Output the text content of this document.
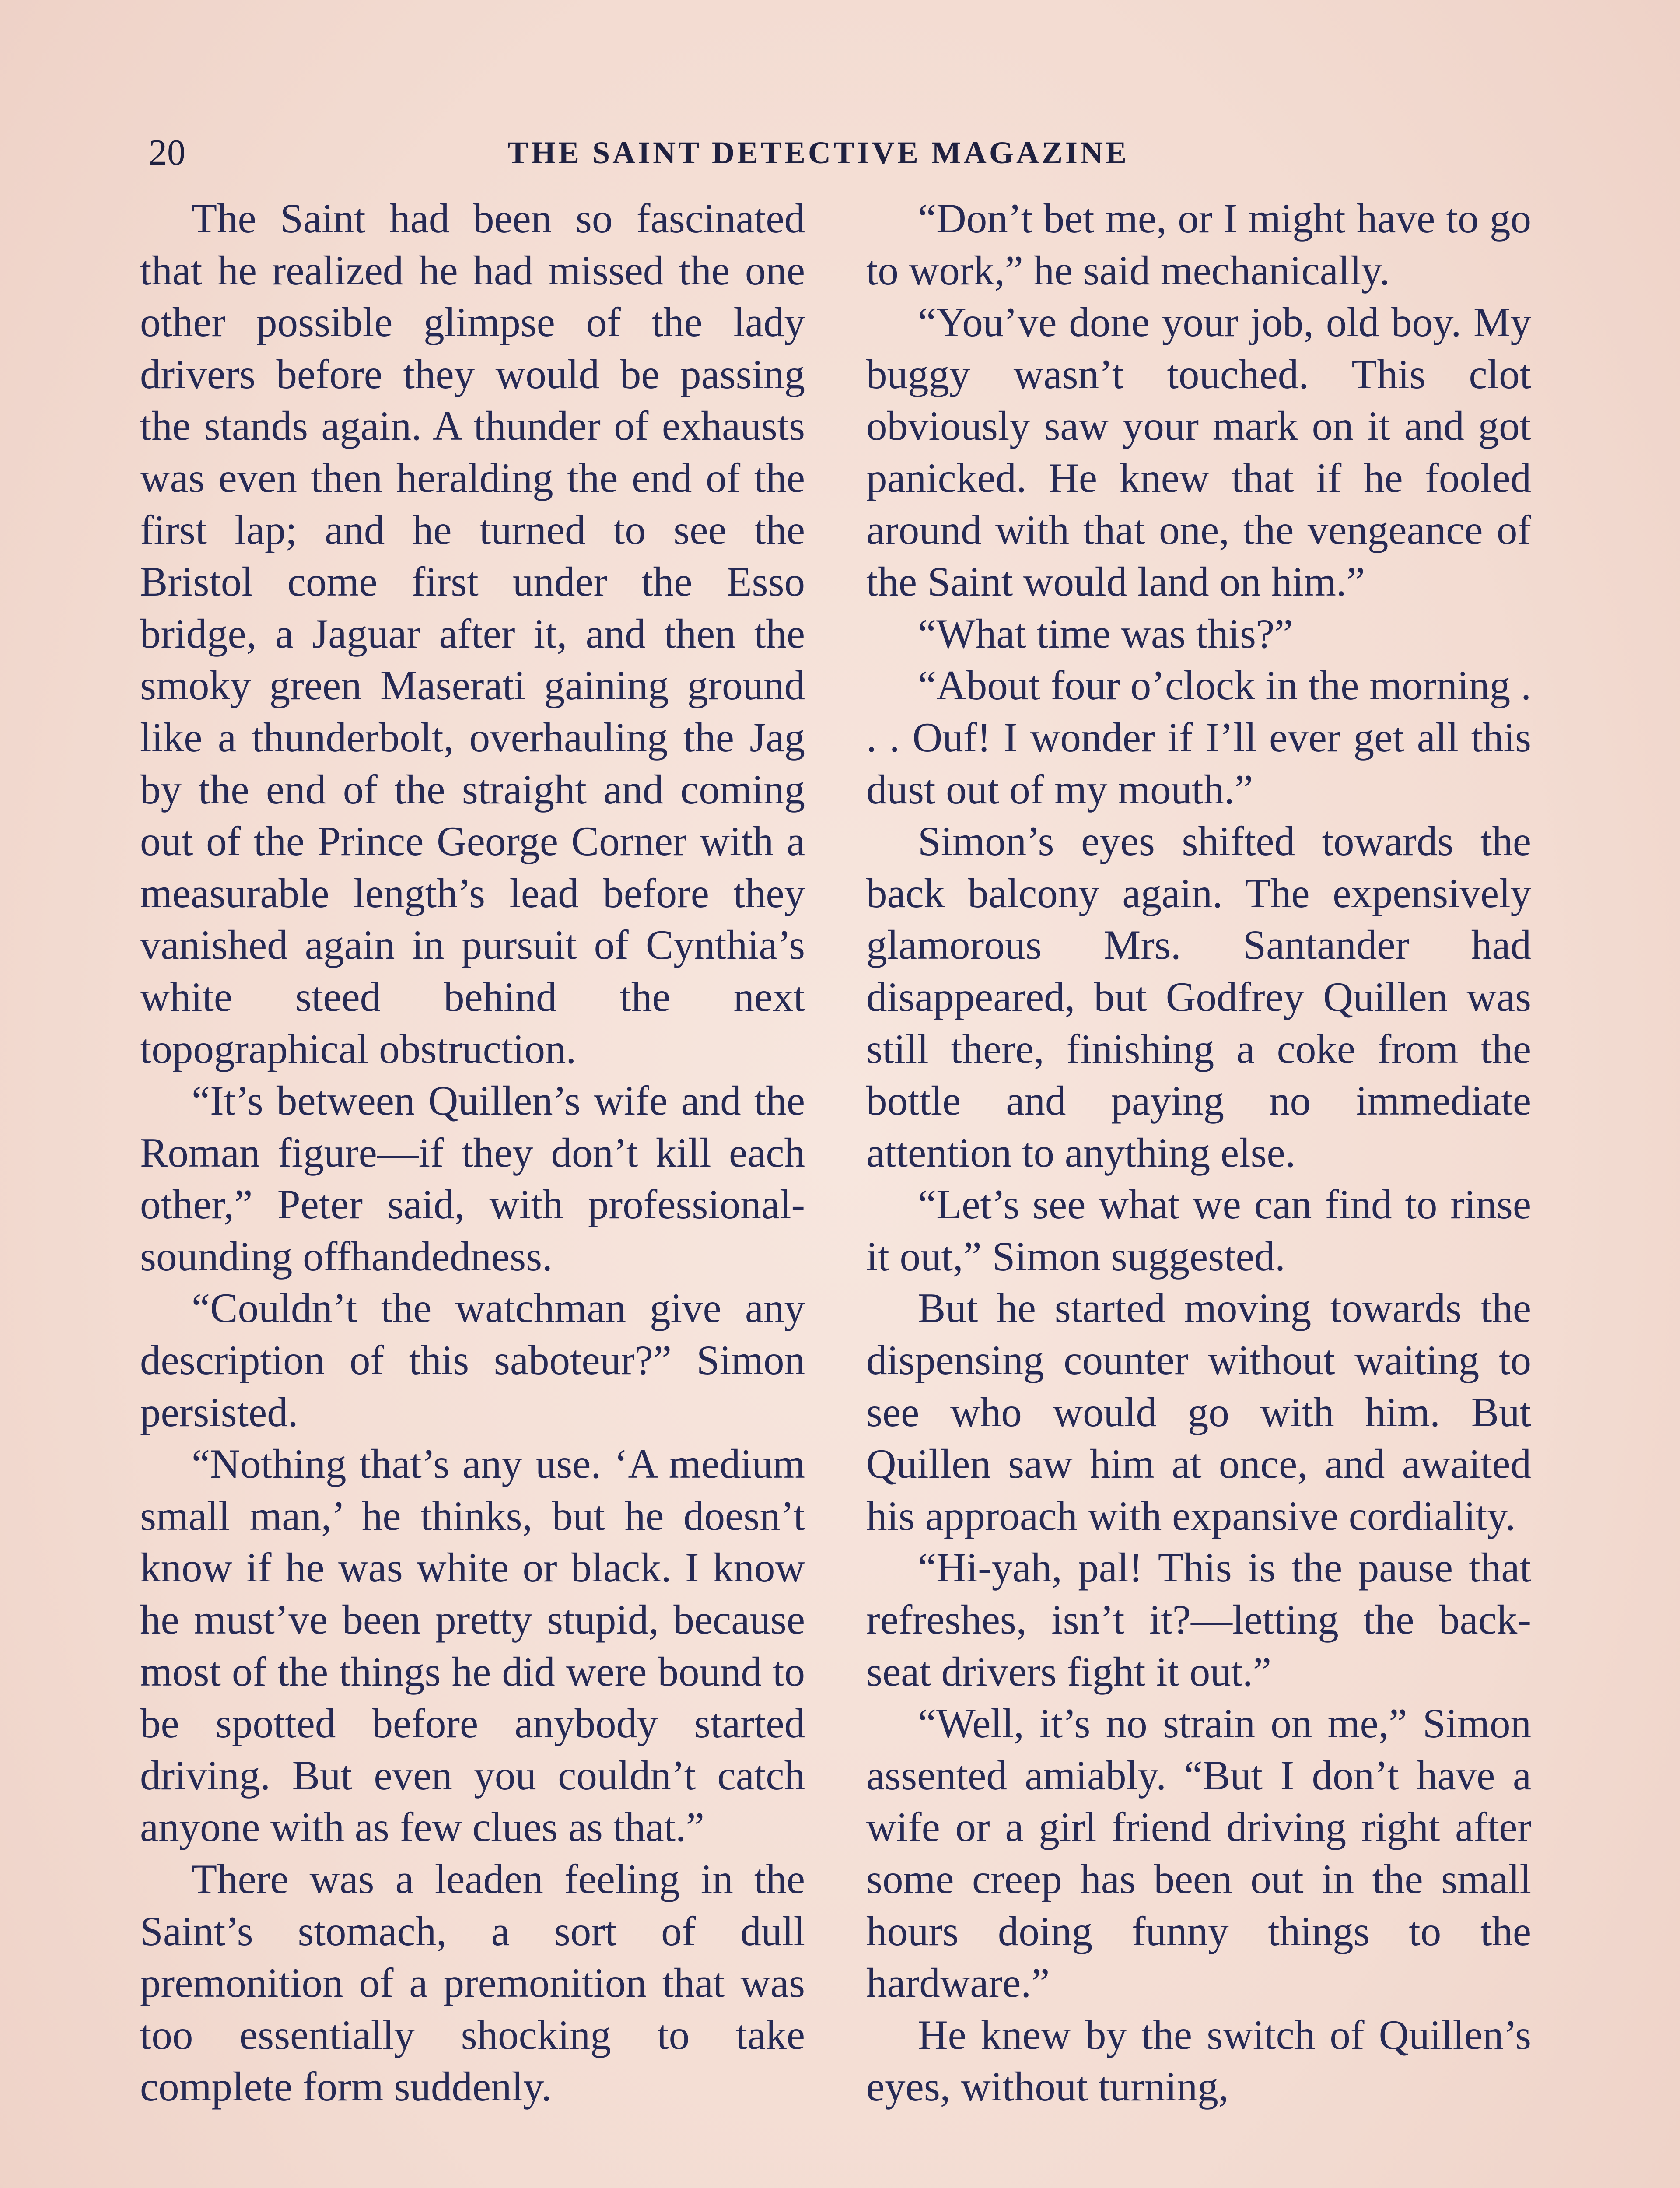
20	THE SAINT DETECTIVE MAGAZINE

The Saint had been so fascinated that he realized he had missed the one other possible glimpse of the lady drivers before they would be passing the stands again. A thunder of exhausts was even then heralding the end of the first lap; and he turned to see the Bristol come first under the Esso bridge, a Jaguar after it, and then the smoky green Maserati gaining ground like a thunderbolt, overhauling the Jag by the end of the straight and coming out of the Prince George Corner with a measurable length’s lead before they vanished again in pursuit of Cynthia’s white steed behind the next topographical obstruction.

“It’s between Quillen’s wife and the Roman figure—if they don’t kill each other,” Peter said, with professional-sounding offhandedness.

“Couldn’t the watchman give any description of this saboteur?” Simon persisted.

“Nothing that’s any use. ‘A medium small man,’ he thinks, but he doesn’t know if he was white or black. I know he must’ve been pretty stupid, because most of the things he did were bound to be spotted before anybody started driving. But even you couldn’t catch anyone with as few clues as that.”

There was a leaden feeling in the Saint’s stomach, a sort of dull premonition of a premonition that was too essentially shocking to take complete form suddenly.

“Don’t bet me, or I might have to go to work,” he said mechanically.

“You’ve done your job, old boy. My buggy wasn’t touched. This clot obviously saw your mark on it and got panicked. He knew that if he fooled around with that one, the vengeance of the Saint would land on him.”

“What time was this?”

“About four o’clock in the morning . . . Ouf! I wonder if I’ll ever get all this dust out of my mouth.”

Simon’s eyes shifted towards the back balcony again. The expensively glamorous Mrs. Santander had disappeared, but Godfrey Quillen was still there, finishing a coke from the bottle and paying no immediate attention to anything else.

“Let’s see what we can find to rinse it out,” Simon suggested.

But he started moving towards the dispensing counter without waiting to see who would go with him. But Quillen saw him at once, and awaited his approach with expansive cordiality.

“Hi-yah, pal! This is the pause that refreshes, isn’t it?—letting the back-seat drivers fight it out.”

“Well, it’s no strain on me,” Simon assented amiably. “But I don’t have a wife or a girl friend driving right after some creep has been out in the small hours doing funny things to the hardware.”

He knew by the switch of Quillen’s eyes, without turning,
